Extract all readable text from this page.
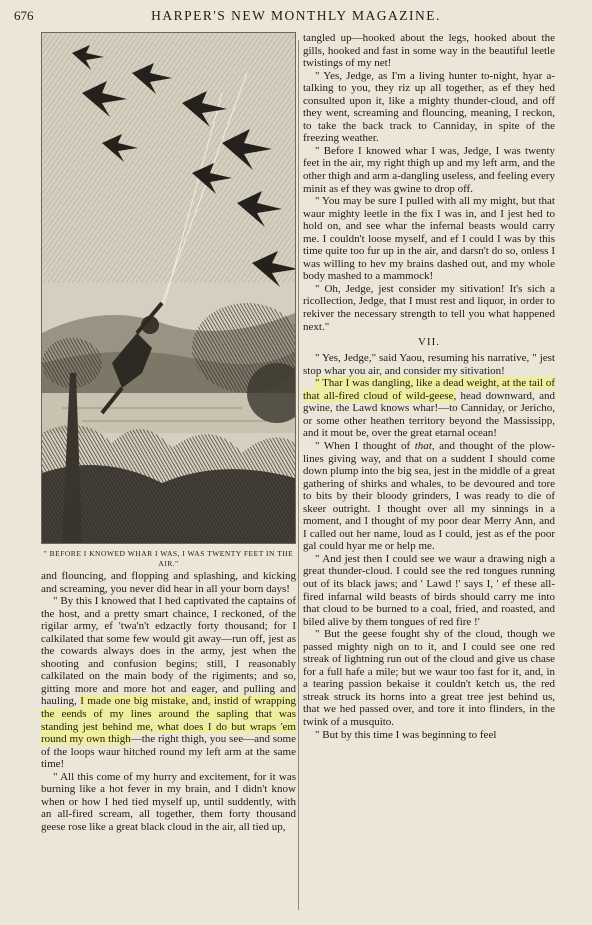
676	HARPER'S NEW MONTHLY MAGAZINE.
" BEFORE I KNOWED WHAR I WAS, I WAS TWENTY FEET IN THE AIR."

and flouncing, and flopping and splashing, and kicking and screaming, you never did hear in all your born days!

" By this I knowed that I hed captivated the captains of the host, and a pretty smart chaince, I reckoned, of the rigilar army, ef 'twa'n't edzactly forty thousand; for I calkilated that some few would git away—run off, jest as the cowards always does in the army, jest when the shooting and confusion begins; still, I reasonably calkilated on the main body of the rigiments; and so, gitting more and more hot and eager, and pulling and hauling, I made one big mistake, and, instid of wrapping the eends of my lines around the sapling that was standing jest behind me, what does I do but wraps 'em round my own thigh—the right thigh, you see—and some of the loops waur hitched round my left arm at the same time!

" All this come of my hurry and excitement, for it was burning like a hot fever in my brain, and I didn't know when or how I hed tied myself up, until suddently, with an all-fired scream, all together, them forty thousand geese rose like a great black cloud in the air, all tied up,

tangled up—hooked about the legs, hooked about the gills, hooked and fast in some way in the beautiful leetle twistings of my net!

" Yes, Jedge, as I'm a living hunter to-night, hyar a-talking to you, they riz up all together, as ef they hed consulted upon it, like a mighty thunder-cloud, and off they went, screaming and flouncing, meaning, I reckon, to take the back track to Canniday, in spite of the freezing weather.

" Before I knowed whar I was, Jedge, I was twenty feet in the air, my right thigh up and my left arm, and the other thigh and arm a-dangling useless, and feeling every minit as ef they was gwine to drop off.

" You may be sure I pulled with all my might, but that waur mighty leetle in the fix I was in, and I jest hed to hold on, and see whar the infernal beasts would carry me. I couldn't loose myself, and ef I could I was by this time quite too fur up in the air, and darsn't do so, onless I was willing to hev my brains dashed out, and my whole body mashed to a mammock!

" Oh, Jedge, jest consider my sitivation! It's sich a ricollection, Jedge, that I must rest and liquor, in order to rekiver the necessary strength to tell you what happened next."

VII.

" Yes, Jedge," said Yaou, resuming his narrative, " jest stop whar you air, and consider my sitivation!

" Thar I was dangling, like a dead weight, at the tail of that all-fired cloud of wild-geese, head downward, and gwine, the Lawd knows whar!—to Canniday, or Jericho, or some other heathen territory beyond the Massissipp, and it mout be, over the great etarnal ocean!

" When I thought of that, and thought of the plow-lines giving way, and that on a suddent I should come down plump into the big sea, jest in the middle of a great gathering of shirks and whales, to be devoured and tore to bits by their bloody grinders, I was ready to die of skeer outright. I thought over all my sinnings in a moment, and I thought of my poor dear Merry Ann, and I called out her name, loud as I could, jest as ef the poor gal could hyar me or help me.

" And jest then I could see we waur a drawing nigh a great thunder-cloud. I could see the red tongues running out of its black jaws; and ' Lawd !' says I, ' ef these all-fired infarnal wild beasts of birds should carry me into that cloud to be burned to a coal, fried, and roasted, and biled alive by them tongues of red fire !'

" But the geese fought shy of the cloud, though we passed mighty nigh on to it, and I could see one red streak of lightning run out of the cloud and give us chase for a full hafe a mile; but we waur too fast for it, and, in a tearing passion bekaise it couldn't ketch us, the red streak struck its horns into a great tree jest behind us, that we hed passed over, and tore it into flinders, in the twink of a musquito.

" But by this time I was beginning to feel
